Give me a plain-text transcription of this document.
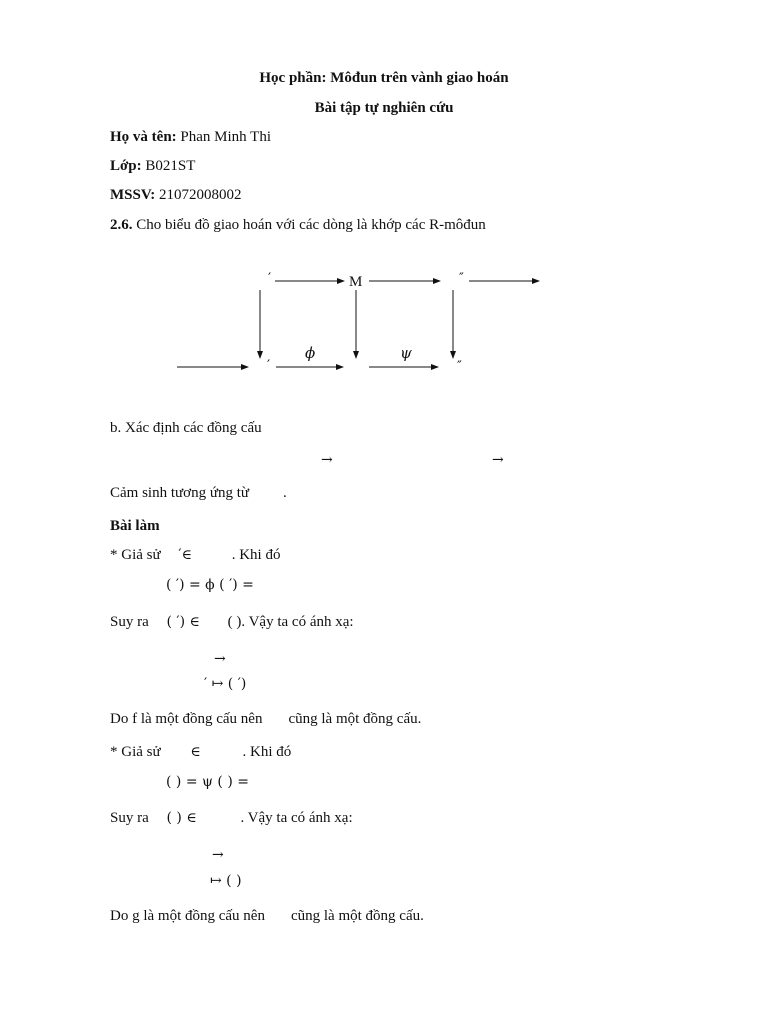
Học phần: Môđun trên vành giao hoán
Bài tập tự nghiên cứu
Họ và tên: Phan Minh Thi
Lớp: B021ST
MSSV: 21072008002
2.6. Cho biểu đồ giao hoán với các dòng là khớp các R-môđun
′	M	″
′
ϕ	ψ
″
b. Xác định các đồng cấu
→	→
Cảm sinh tương ứng từ .
Bài làm
* Giả sử ′∈	. Khi đó
( ′) = ϕ ( ′) =
Suy ra ( ′) ∈ ( ). Vậy ta có ánh xạ:
→
′ ↦ ( ′)
Do f là một đồng cấu nên cũng là một đồng cấu.
* Giả sử ∈	. Khi đó
( ) = ψ ( ) =
Suy ra ( ) ∈	. Vậy ta có ánh xạ:
→
↦ ( )
Do g là một đồng cấu nên cũng là một đồng cấu.
